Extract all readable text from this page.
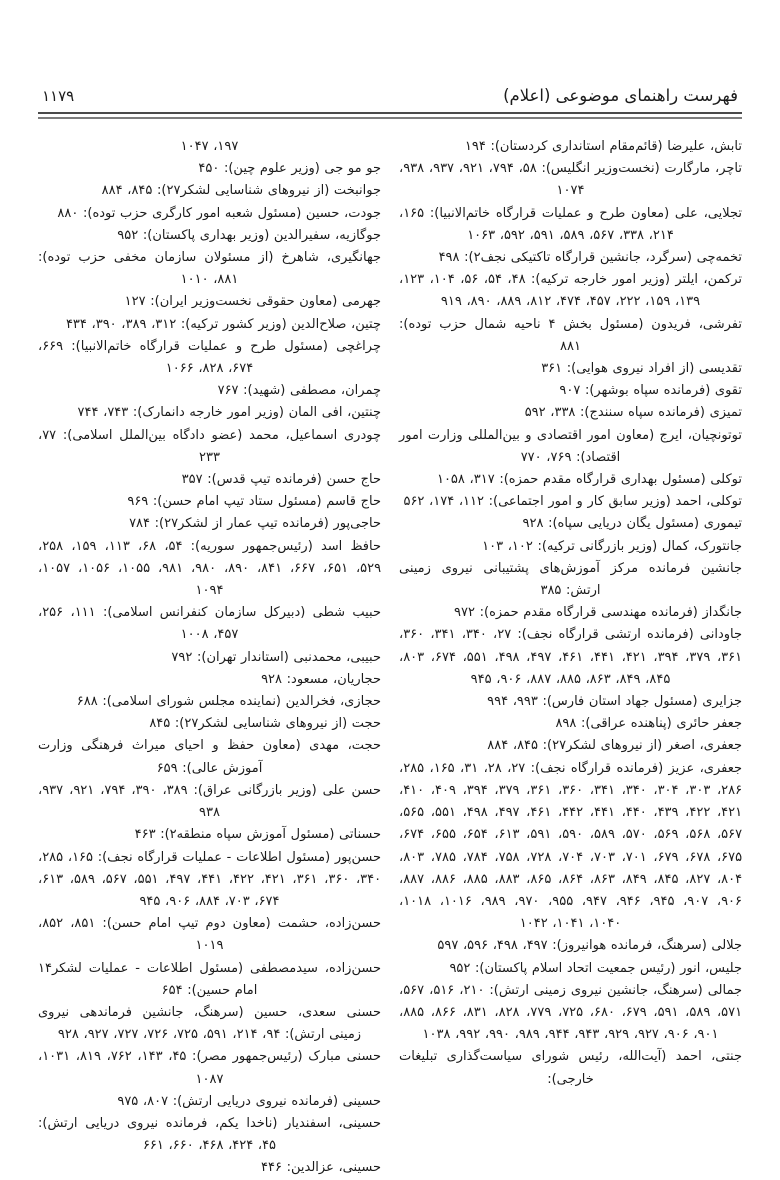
فهرست راهنمای موضوعی (اعلام)
۱۱۷۹

تابش، علیرضا (قائم‌مقام استانداری کردستان): ۱۹۴

تاچر، مارگارت (نخست‌وزیر انگلیس): ۵۸، ۷۹۴، ۹۲۱، ۹۳۷، ۹۳۸، ۱۰۷۴

تجلایی، علی (معاون طرح و عملیات قرارگاه خاتم‌الانبیا): ۱۶۵، ۲۱۴، ۳۳۸، ۵۶۷، ۵۸۹، ۵۹۱، ۵۹۲، ۱۰۶۳

تخمه‌چی (سرگرد، جانشین قرارگاه تاکتیکی نجف۲): ۴۹۸

ترکمن، ایلتر (وزیر امور خارجه ترکیه): ۴۸، ۵۴، ۵۶، ۱۰۴، ۱۲۳، ۱۳۹، ۱۵۹، ۲۲۲، ۴۵۷، ۴۷۴، ۸۱۲، ۸۸۹، ۸۹۰، ۹۱۹

تفرشی، فریدون (مسئول بخش ۴ ناحیه شمال حزب توده): ۸۸۱

تقدیسی (از افراد نیروی هوایی): ۳۶۱

تقوی (فرمانده سپاه بوشهر): ۹۰۷

تمیزی (فرمانده سپاه سنندج): ۳۳۸، ۵۹۲

توتونچیان، ایرج (معاون امور اقتصادی و بین‌المللی وزارت امور اقتصاد): ۷۶۹، ۷۷۰

توکلی (مسئول بهداری قرارگاه مقدم حمزه): ۳۱۷، ۱۰۵۸

توکلی، احمد (وزیر سابق کار و امور اجتماعی): ۱۱۲، ۱۷۴، ۵۶۲

تیموری (مسئول یگان دریایی سپاه): ۹۲۸

جانتورک، کمال (وزیر بازرگانی ترکیه): ۱۰۲، ۱۰۳

جانشین فرمانده مرکز آموزش‌های پشتیبانی نیروی زمینی ارتش: ۳۸۵

جانگداز (فرمانده مهندسی قرارگاه مقدم حمزه): ۹۷۲

جاودانی (فرمانده ارتشی قرارگاه نجف): ۲۷، ۳۴۰، ۳۴۱، ۳۶۰، ۳۶۱، ۳۷۹، ۳۹۴، ۴۲۱، ۴۴۱، ۴۶۱، ۴۹۷، ۴۹۸، ۵۵۱، ۶۷۴، ۸۰۳، ۸۴۵، ۸۴۹، ۸۶۳، ۸۸۵، ۸۸۷، ۹۰۶، ۹۴۵

جزایری (مسئول جهاد استان فارس): ۹۹۳، ۹۹۴

جعفر حائری (پناهنده عراقی): ۸۹۸

جعفری، اصغر (از نیروهای لشکر۲۷): ۸۴۵، ۸۸۴

جعفری، عزیز (فرمانده قرارگاه نجف): ۲۷، ۲۸، ۳۱، ۱۶۵، ۲۸۵، ۲۸۶، ۳۰۳، ۳۰۴، ۳۴۰، ۳۴۱، ۳۶۰، ۳۶۱، ۳۷۹، ۳۹۴، ۴۰۹، ۴۱۰، ۴۲۱، ۴۲۲، ۴۳۹، ۴۴۰، ۴۴۱، ۴۴۲، ۴۶۱، ۴۹۷، ۴۹۸، ۵۵۱، ۵۶۵، ۵۶۷، ۵۶۸، ۵۶۹، ۵۷۰، ۵۸۹، ۵۹۰، ۵۹۱، ۶۱۳، ۶۵۴، ۶۵۵، ۶۷۴، ۶۷۵، ۶۷۸، ۶۷۹، ۷۰۱، ۷۰۳، ۷۰۴، ۷۲۸، ۷۵۸، ۷۸۴، ۷۸۵، ۸۰۳، ۸۰۴، ۸۲۷، ۸۴۵، ۸۴۹، ۸۶۳، ۸۶۴، ۸۶۵، ۸۸۳، ۸۸۵، ۸۸۶، ۸۸۷، ۹۰۶، ۹۰۷، ۹۴۵، ۹۴۶، ۹۴۷، ۹۵۵، ۹۷۰، ۹۸۹، ۱۰۱۶، ۱۰۱۸، ۱۰۴۰، ۱۰۴۱، ۱۰۴۲

جلالی (سرهنگ، فرمانده هوانیروز): ۴۹۷، ۴۹۸، ۵۹۶، ۵۹۷

جلیس، انور (رئیس جمعیت اتحاد اسلام پاکستان): ۹۵۲

جمالی (سرهنگ، جانشین نیروی زمینی ارتش): ۲۱۰، ۵۱۶، ۵۶۷، ۵۷۱، ۵۸۹، ۵۹۱، ۶۷۹، ۶۸۰، ۷۲۵، ۷۷۹، ۸۲۸، ۸۳۱، ۸۶۶، ۸۸۵، ۹۰۱، ۹۰۶، ۹۲۷، ۹۲۹، ۹۴۳، ۹۴۴، ۹۸۹، ۹۹۰، ۹۹۲، ۱۰۳۸

جنتی، احمد (آیت‌الله، رئیس شورای سیاست‌گذاری تبلیغات خارجی):

۱۹۷، ۱۰۴۷

جو مو جی (وزیر علوم چین): ۴۵۰

جوانبخت (از نیروهای شناسایی لشکر۲۷): ۸۴۵، ۸۸۴

جودت، حسین (مسئول شعبه امور کارگری حزب توده): ۸۸۰

جوگازیه، سفیرالدین (وزیر بهداری پاکستان): ۹۵۲

جهانگیری، شاهرخ (از مسئولان سازمان مخفی حزب توده): ۸۸۱، ۱۰۱۰

جهرمی (معاون حقوقی نخست‌وزیر ایران): ۱۲۷

چتین، صلاح‌الدین (وزیر کشور ترکیه): ۳۱۲، ۳۸۹، ۳۹۰، ۴۳۴

چراغچی (مسئول طرح و عملیات قرارگاه خاتم‌الانبیا): ۶۶۹، ۶۷۴، ۸۲۸، ۱۰۶۶

چمران، مصطفی (شهید): ۷۶۷

چنتین، افی المان (وزیر امور خارجه دانمارک): ۷۴۳، ۷۴۴

چودری اسماعیل، محمد (عضو دادگاه بین‌الملل اسلامی): ۷۷، ۲۳۳

حاج حسن (فرمانده تیپ قدس): ۳۵۷

حاج قاسم (مسئول ستاد تیپ امام حسن): ۹۶۹

حاجی‌پور (فرمانده تیپ عمار از لشکر۲۷): ۷۸۴

حافظ اسد (رئیس‌جمهور سوریه): ۵۴، ۶۸، ۱۱۳، ۱۵۹، ۲۵۸، ۵۲۹، ۶۵۱، ۶۶۷، ۸۴۱، ۸۹۰، ۹۸۰، ۹۸۱، ۱۰۵۵، ۱۰۵۶، ۱۰۵۷، ۱۰۹۴

حبیب شطی (دبیرکل سازمان کنفرانس اسلامی): ۱۱۱، ۲۵۶، ۴۵۷، ۱۰۰۸

حبیبی، محمدنبی (استاندار تهران): ۷۹۲

حجاریان، مسعود: ۹۲۸

حجازی، فخرالدین (نماینده مجلس شورای اسلامی): ۶۸۸

حجت (از نیروهای شناسایی لشکر۲۷): ۸۴۵

حجت، مهدی (معاون حفظ و احیای میراث فرهنگی وزارت آموزش عالی): ۶۵۹

حسن علی (وزیر بازرگانی عراق): ۳۸۹، ۳۹۰، ۷۹۴، ۹۲۱، ۹۳۷، ۹۳۸

حسناتی (مسئول آموزش سپاه منطقه۲): ۴۶۳

حسن‌پور (مسئول اطلاعات - عملیات قرارگاه نجف): ۱۶۵، ۲۸۵، ۳۴۰، ۳۶۰، ۳۶۱، ۴۲۱، ۴۲۲، ۴۴۱، ۴۹۷، ۵۵۱، ۵۶۷، ۵۸۹، ۶۱۳، ۶۷۴، ۷۰۳، ۸۸۴، ۹۰۶، ۹۴۵

حسن‌زاده، حشمت (معاون دوم تیپ امام حسن): ۸۵۱، ۸۵۲، ۱۰۱۹

حسن‌زاده، سیدمصطفی (مسئول اطلاعات - عملیات لشکر۱۴ امام حسین): ۶۵۴

حسنی سعدی، حسین (سرهنگ، جانشین فرماندهی نیروی زمینی ارتش): ۹۴، ۲۱۴، ۵۹۱، ۷۲۵، ۷۲۶، ۷۲۷، ۹۲۷، ۹۲۸

حسنی مبارک (رئیس‌جمهور مصر): ۴۵، ۱۴۳، ۷۶۲، ۸۱۹، ۱۰۳۱، ۱۰۸۷

حسینی (فرمانده نیروی دریایی ارتش): ۸۰۷، ۹۷۵

حسینی، اسفندیار (ناخدا یکم، فرمانده نیروی دریایی ارتش): ۴۵، ۴۲۴، ۴۶۸، ۶۶۰، ۶۶۱

حسینی، عزالدین: ۴۴۶
